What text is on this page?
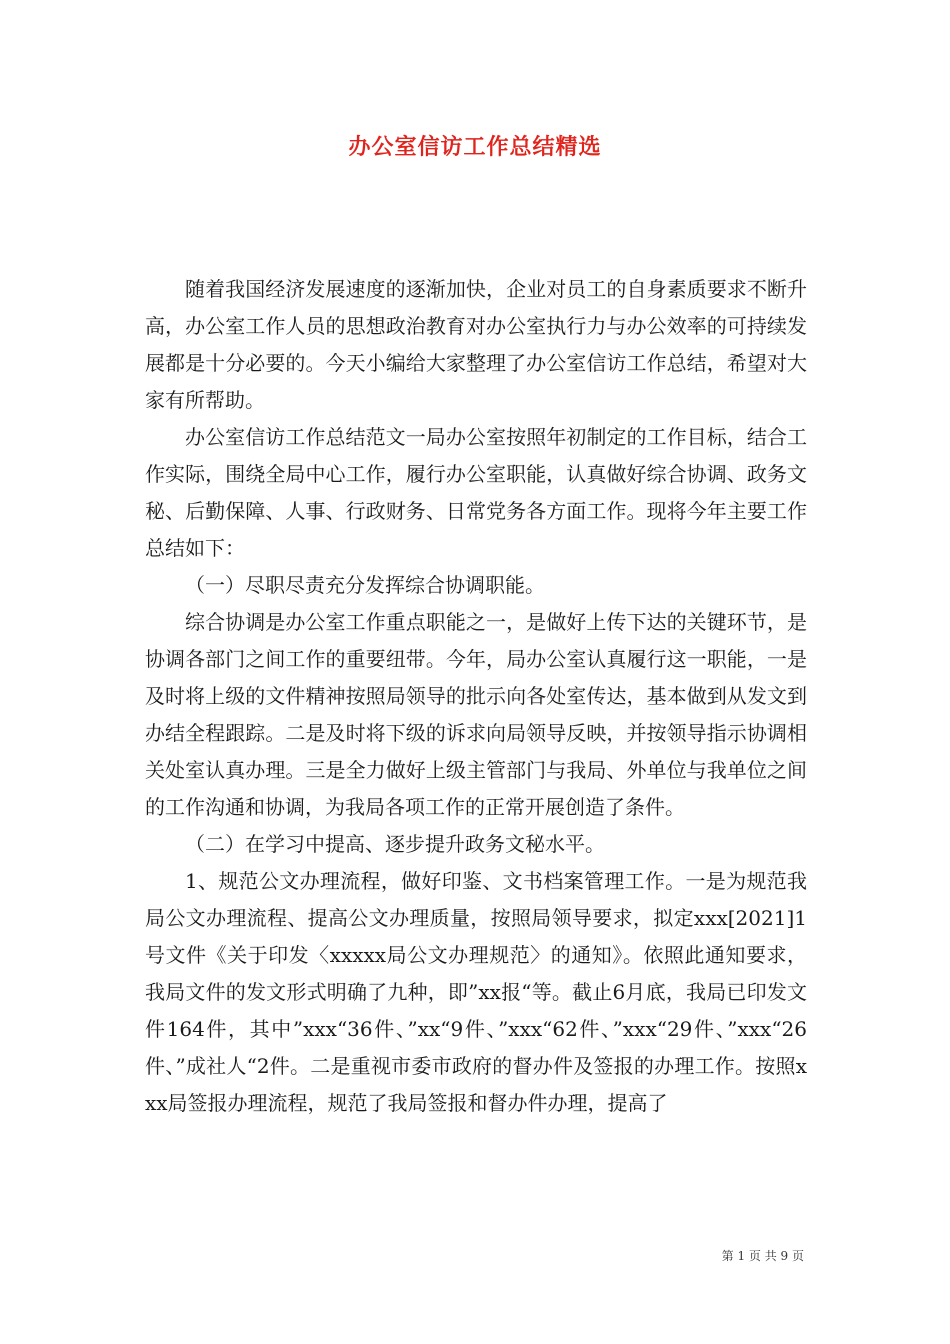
办公室信访工作总结精选

随着我国经济发展速度的逐渐加快，企业对员工的自身素质要求不断升高，办公室工作人员的思想政治教育对办公室执行力与办公效率的可持续发展都是十分必要的。今天小编给大家整理了办公室信访工作总结，希望对大家有所帮助。

办公室信访工作总结范文一局办公室按照年初制定的工作目标，结合工作实际，围绕全局中心工作，履行办公室职能，认真做好综合协调、政务文秘、后勤保障、人事、行政财务、日常党务各方面工作。现将今年主要工作总结如下：

（一）尽职尽责充分发挥综合协调职能。

综合协调是办公室工作重点职能之一，是做好上传下达的关键环节，是协调各部门之间工作的重要纽带。今年，局办公室认真履行这一职能，一是及时将上级的文件精神按照局领导的批示向各处室传达，基本做到从发文到办结全程跟踪。二是及时将下级的诉求向局领导反映，并按领导指示协调相关处室认真办理。三是全力做好上级主管部门与我局、外单位与我单位之间的工作沟通和协调，为我局各项工作的正常开展创造了条件。

（二）在学习中提高、逐步提升政务文秘水平。

1、规范公文办理流程，做好印鉴、文书档案管理工作。一是为规范我局公文办理流程、提高公文办理质量，按照局领导要求，拟定xxx[2021]1号文件《关于印发〈xxxxx局公文办理规范〉的通知》。依照此通知要求，我局文件的发文形式明确了九种，即”xx报“等。截止6月底，我局已印发文件164件，其中”xxx“36件、”xx“9件、”xxx“62件、”xxx“29件、”xxx“26件、”成社人“2件。二是重视市委市政府的督办件及签报的办理工作。按照xxx局签报办理流程，规范了我局签报和督办件办理，提高了

第 1 页 共 9 页
